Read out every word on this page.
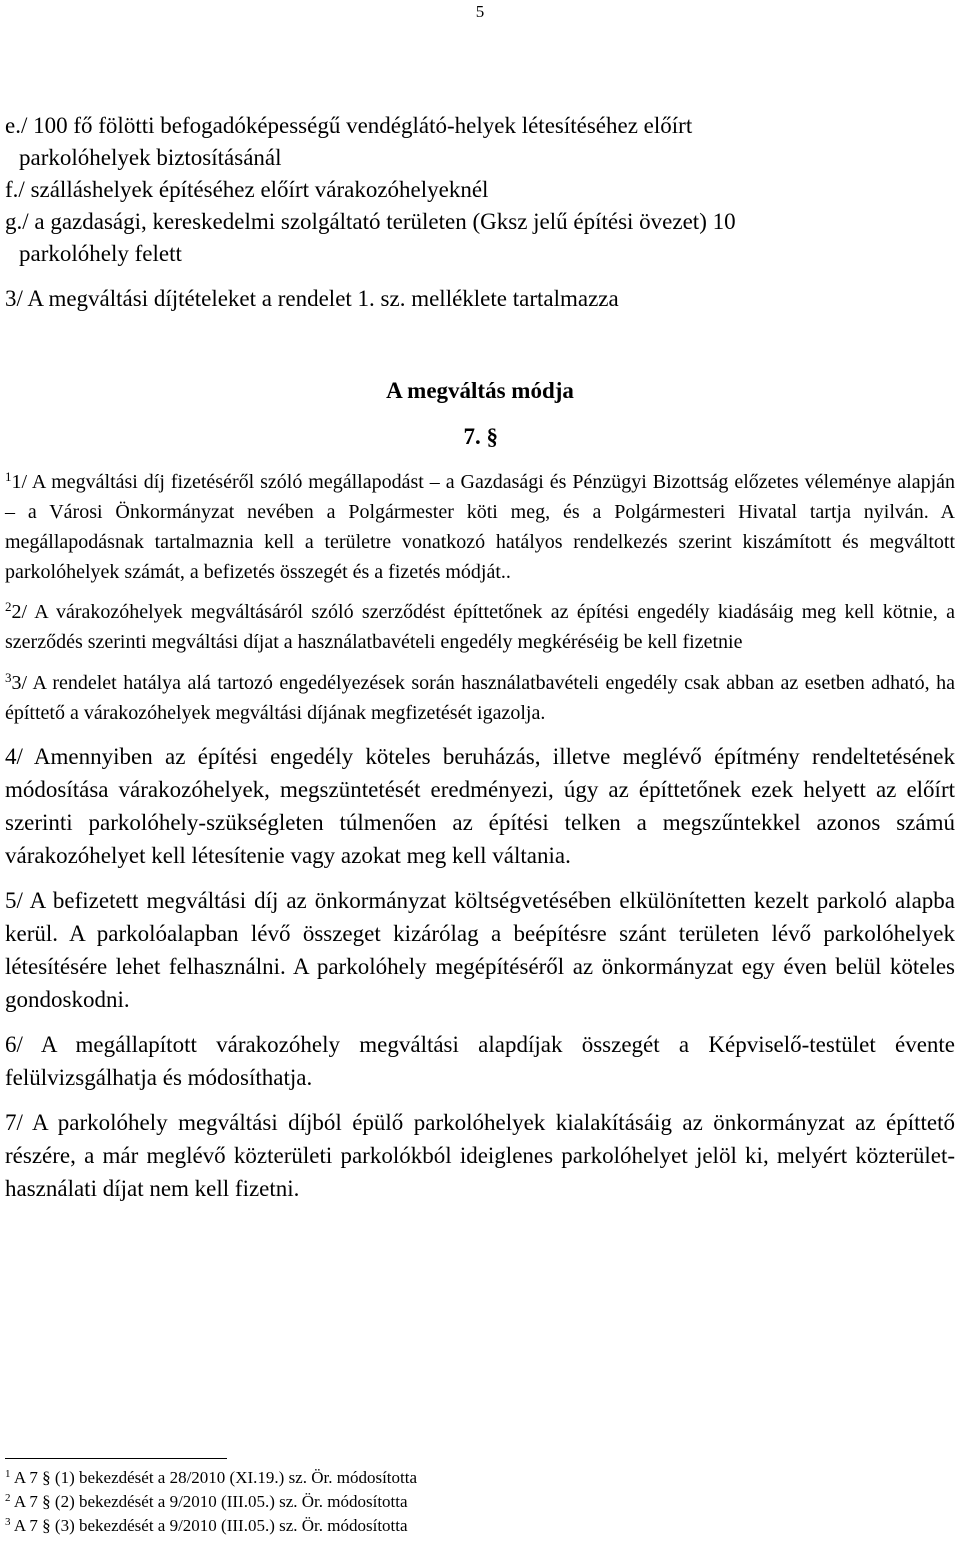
5
e./ 100 fő fölötti befogadóképességű vendéglátó-helyek létesítéséhez előírt
parkolóhelyek biztosításánál
f./ szálláshelyek építéséhez előírt várakozóhelyeknél
g./ a gazdasági, kereskedelmi szolgáltató területen (Gksz jelű építési övezet) 10
parkolóhely felett
3/ A megváltási díjtételeket a rendelet 1. sz. melléklete tartalmazza
A megváltás módja
7. §

$^1$1/ A megváltási díj fizetéséről szóló megállapodást – a Gazdasági és Pénzügyi Bizottság előzetes véleménye alapján – a Városi Önkormányzat nevében a Polgármester köti meg, és a Polgármesteri Hivatal tartja nyilván. A megállapodásnak tartalmaznia kell a területre vonatkozó hatályos rendelkezés szerint kiszámított és megváltott parkolóhelyek számát, a befizetés összegét és a fizetés módját..

$^2$2/ A várakozóhelyek megváltásáról szóló szerződést építtetőnek az építési engedély kiadásáig meg kell kötnie, a szerződés szerinti megváltási díjat a használatbavételi engedély megkéréséig be kell fizetnie

$^3$3/ A rendelet hatálya alá tartozó engedélyezések során használatbavételi engedély csak abban az esetben adható, ha építtető a várakozóhelyek megváltási díjának megfizetését igazolja.

4/ Amennyiben az építési engedély köteles beruházás, illetve meglévő építmény rendeltetésének módosítása várakozóhelyek, megszüntetését eredményezi, úgy az építtetőnek ezek helyett az előírt szerinti parkolóhely-szükségleten túlmenően az építési telken a megszűntekkel azonos számú várakozóhelyet kell létesítenie vagy azokat meg kell váltania.

5/ A befizetett megváltási díj az önkormányzat költségvetésében elkülönítetten kezelt parkoló alapba kerül. A parkolóalapban lévő összeget kizárólag a beépítésre szánt területen lévő parkolóhelyek létesítésére lehet felhasználni. A parkolóhely megépítéséről az önkormányzat egy éven belül köteles gondoskodni.

6/ A megállapított várakozóhely megváltási alapdíjak összegét a Képviselő-testület évente felülvizsgálhatja és módosíthatja.

7/ A parkolóhely megváltási díjból épülő parkolóhelyek kialakításáig az önkormányzat az építtető részére, a már meglévő közterületi parkolókból ideiglenes parkolóhelyet jelöl ki, melyért közterület-használati díjat nem kell fizetni.

$^1$ A 7 § (1) bekezdését a 28/2010 (XI.19.) sz. Ör. módosította
$^2$ A 7 § (2) bekezdését a 9/2010 (III.05.) sz. Ör. módosította
$^3$ A 7 § (3) bekezdését a 9/2010 (III.05.) sz. Ör. módosította
